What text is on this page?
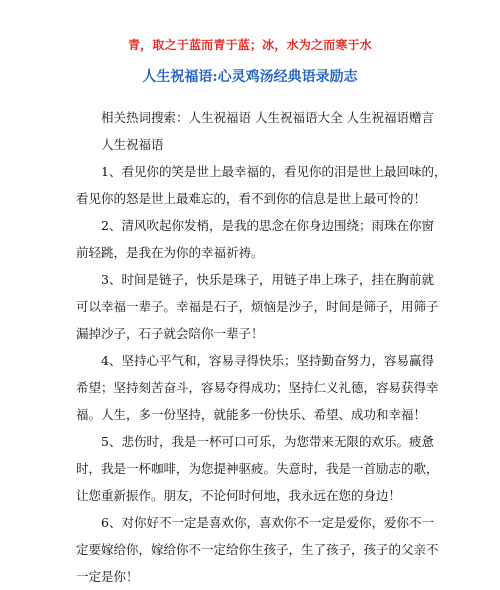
青，取之于蓝而青于蓝；冰，水为之而寒于水
人生祝福语:心灵鸡汤经典语录励志
相关热词搜索：人生祝福语 人生祝福语大全 人生祝福语赠言
人生祝福语
1、看见你的笑是世上最幸福的，看见你的泪是世上最回味的，
看见你的怒是世上最难忘的，看不到你的信息是世上最可怜的！
2、清风吹起你发梢，是我的思念在你身边围绕；雨珠在你窗
前轻跳，是我在为你的幸福祈祷。
3、时间是链子，快乐是珠子，用链子串上珠子，挂在胸前就
可以幸福一辈子。幸福是石子，烦恼是沙子，时间是筛子，用筛子
漏掉沙子，石子就会陪你一辈子！
4、坚持心平气和，容易寻得快乐；坚持勤奋努力，容易赢得
希望；坚持刻苦奋斗，容易夺得成功；坚持仁义礼德，容易获得幸
福。人生，多一份坚持，就能多一份快乐、希望、成功和幸福！
5、悲伤时，我是一杯可口可乐，为您带来无限的欢乐。疲惫
时，我是一杯咖啡，为您提神驱疲。失意时，我是一首励志的歌，
让您重新振作。朋友，不论何时何地，我永远在您的身边！
6、对你好不一定是喜欢你，喜欢你不一定是爱你，爱你不一
定要嫁给你，嫁给你不一定给你生孩子，生了孩子，孩子的父亲不
一定是你！
